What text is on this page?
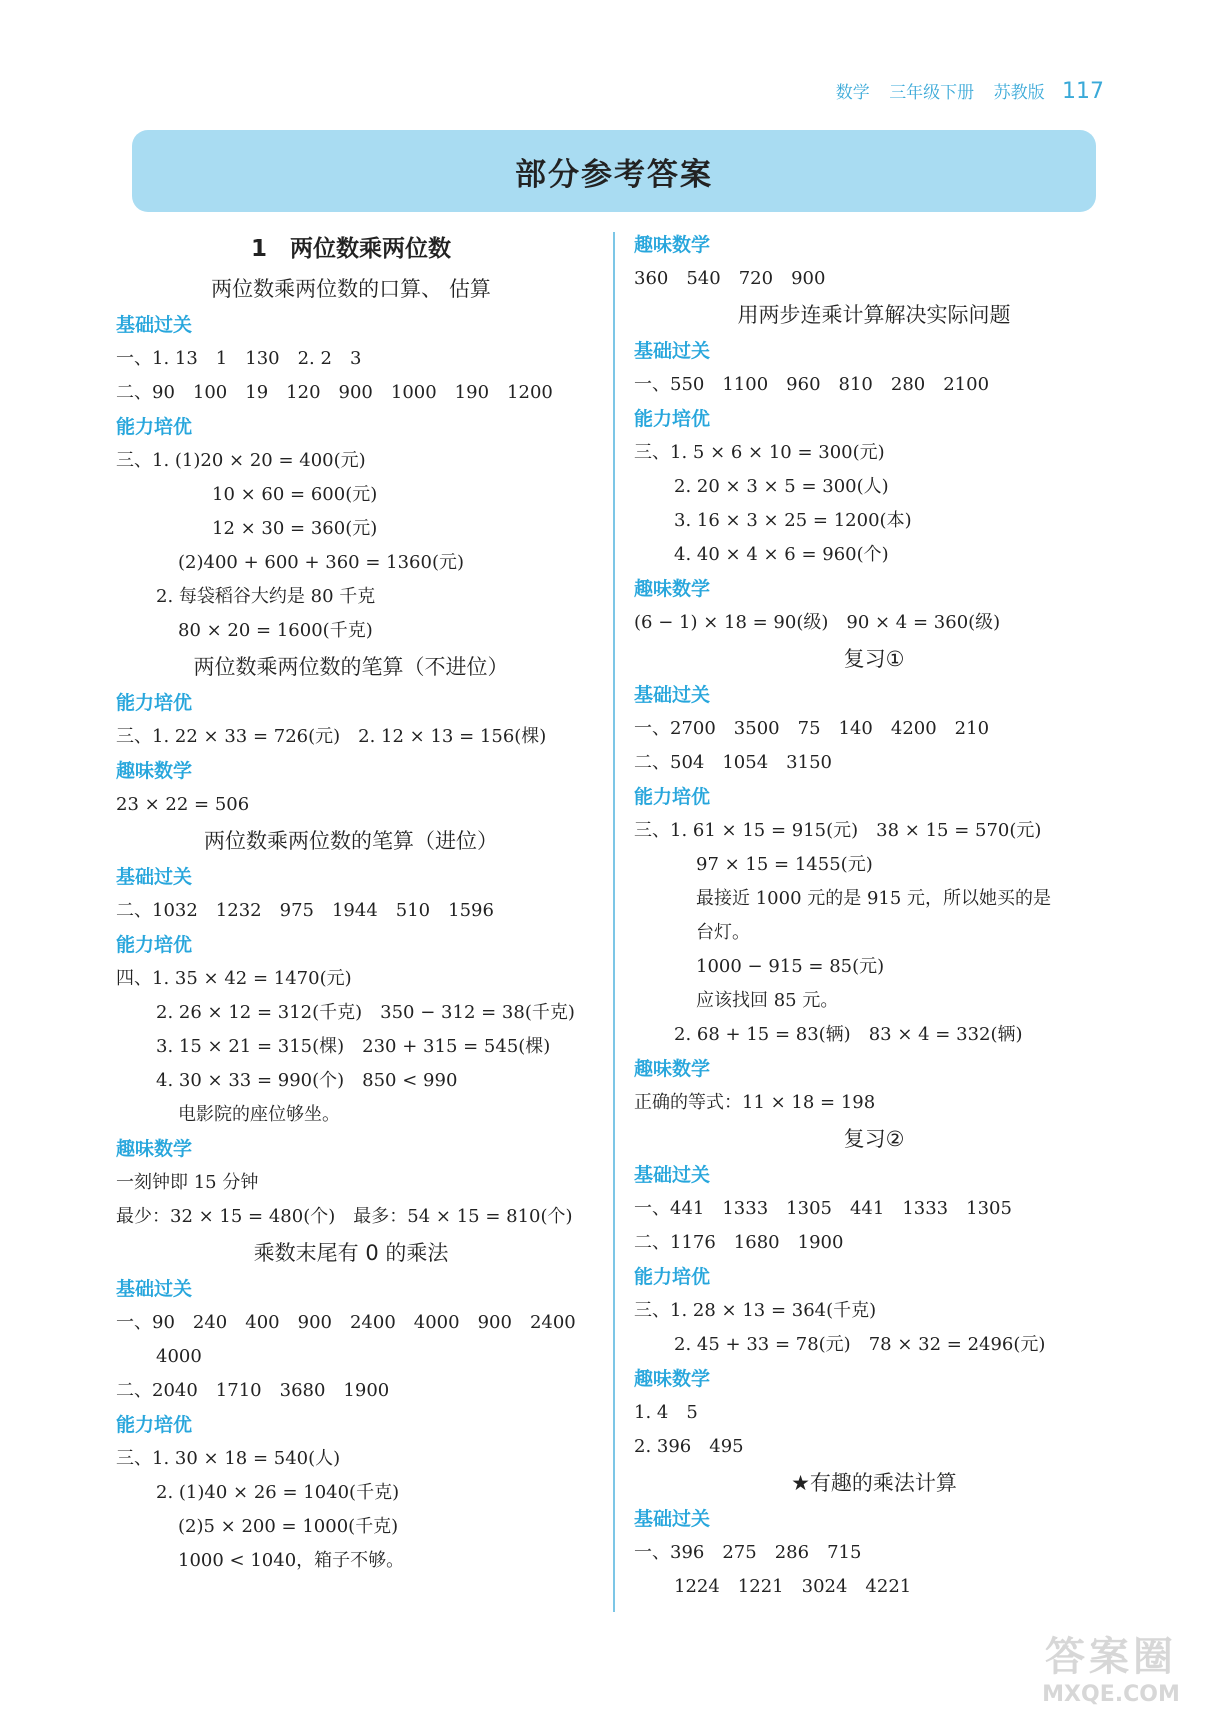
数学 三年级下册 苏教版 117
部分参考答案
1　两位数乘两位数
两位数乘两位数的口算、 估算
基础过关
一、1. 13　1　130　2. 2　3
二、90　100　19　120　900　1000　190　1200
能力培优
三、1. (1)20 × 20 = 400(元)
10 × 60 = 600(元)
12 × 30 = 360(元)
(2)400 + 600 + 360 = 1360(元)
2. 每袋稻谷大约是 80 千克
80 × 20 = 1600(千克)
两位数乘两位数的笔算（不进位）
能力培优
三、1. 22 × 33 = 726(元)　2. 12 × 13 = 156(棵)
趣味数学
23 × 22 = 506
两位数乘两位数的笔算（进位）
基础过关
二、1032　1232　975　1944　510　1596
能力培优
四、1. 35 × 42 = 1470(元)
2. 26 × 12 = 312(千克)　350 − 312 = 38(千克)
3. 15 × 21 = 315(棵)　230 + 315 = 545(棵)
4. 30 × 33 = 990(个)　850 < 990
电影院的座位够坐。
趣味数学
一刻钟即 15 分钟
最少：32 × 15 = 480(个)　最多：54 × 15 = 810(个)
乘数末尾有 0 的乘法
基础过关
一、90　240　400　900　2400　4000　900　2400
4000
二、2040　1710　3680　1900
能力培优
三、1. 30 × 18 = 540(人)
2. (1)40 × 26 = 1040(千克)
(2)5 × 200 = 1000(千克)
1000 < 1040，箱子不够。
趣味数学
360　540　720　900
用两步连乘计算解决实际问题
基础过关
一、550　1100　960　810　280　2100
能力培优
三、1. 5 × 6 × 10 = 300(元)
2. 20 × 3 × 5 = 300(人)
3. 16 × 3 × 25 = 1200(本)
4. 40 × 4 × 6 = 960(个)
趣味数学
(6 − 1) × 18 = 90(级)　90 × 4 = 360(级)
复习①
基础过关
一、2700　3500　75　140　4200　210
二、504　1054　3150
能力培优
三、1. 61 × 15 = 915(元)　38 × 15 = 570(元)
97 × 15 = 1455(元)
最接近 1000 元的是 915 元，所以她买的是
台灯。
1000 − 915 = 85(元)
应该找回 85 元。
2. 68 + 15 = 83(辆)　83 × 4 = 332(辆)
趣味数学
正确的等式：11 × 18 = 198
复习②
基础过关
一、441　1333　1305　441　1333　1305
二、1176　1680　1900
能力培优
三、1. 28 × 13 = 364(千克)
2. 45 + 33 = 78(元)　78 × 32 = 2496(元)
趣味数学
1. 4　5
2. 396　495
★有趣的乘法计算
基础过关
一、396　275　286　715
1224　1221　3024　4221
答案圈
MXQE.COM
